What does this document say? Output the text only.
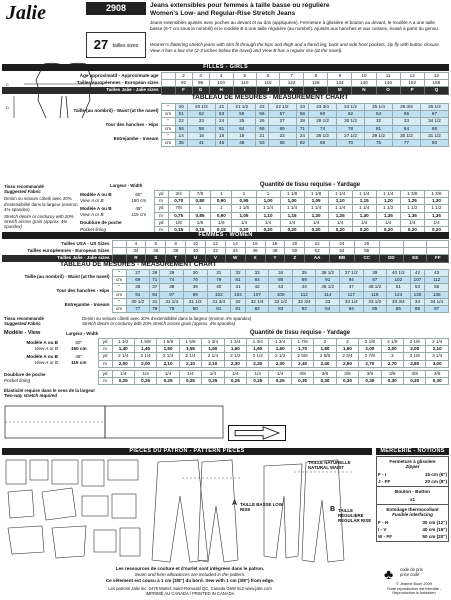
Jalie	2908
27 tailles sizes
Jeans extensibles pour femmes à taille basse ou régulière
Women's Low- and Regular-Rise Stretch Jeans
Jeans extensibles ajustés avec poches au devant et au dos (appliquées). Fermeture à glissière et bouton au devant, le modèle A a une taille basse (5-7 cm sous le nombril) et le modèle B a une taille régulière (au nombril). Ajustés aux hanches et aux cuisses, évasé à partir du genou.
Women's flattering stretch jeans with slim fit through the hips and thigh and a flared leg, back and side front pockets, zip fly with button closure. View A has a low rise (2-3 inches below the navel) and View B has a regular rise (at the navel).
C
D
FILLES - GIRLS
Âge approximatif - Approximate age		2	3	4	5	6	7	8	9	10	11	12	13
Tailles européennes - European sizes		92	98	104	110	116	122	128	134	140	146	152	158
Tailles Jalie - Jalie sizes		F	G	H	I	J	K	L	M	N	O	P	Q
TABLEAU DE MESURES - MEASUREMENT CHART
Taille (au nombril) - Waist (at the navel)	"	20	20 1/2	21	21 1/2	22	22 1/2	23	23 3/4	24 1/2	25 1/4	25 3/4	26 1/2
	cm	51	52	53	55	56	57	58	60	62	64	65	67
Tour des hanches - Hips	"	22	23	24	25	26	27	28	29 1/2	30 1/2	32	33	34 1/2
	cm	56	58	61	64	66	69	71	74	78	81	84	88
Entrejambe - Inseam	"	14	16	18	19	21	23	24	26 1/2	27 1/2	29 1/2	30 1/2	31 1/2
	cm	36	41	46	48	53	58	62	66	70	75	77	80
Tissu recommandé
Suggested Fabric
Denim ou velours côtelé avec 20% d'extensibilité dans la largeur (environ 4% spandex)
Stretch denim or corduroy with 20% stretch across grain (approx. 4% spandex)
Largeur - Width	Quantité de tissu requise - Yardage
Modèle A ou B
View A or B	60"
150 cm	yd	3/4	7/8	1	1	1	1 1/8	1 1/8	1 1/4	1 1/4	1 1/4	1 3/8	1 3/8
		m	0,70	0,80	0,90	0,95	1,00	1,00	1,05	1,10	1,15	1,20	1,25	1,30
Modèle A ou B
View A or B	45"
115 cm	yd	7/8	1	1	1 1/8	1 1/4	1 1/4	1 1/4	1 1/4	1 1/4	1 1/2	1 1/2	1 1/2
		m	0,75	0,85	0,90	1,05	1,10	1,15	1,20	1,25	1,30	1,35	1,35	1,35
Doublure de poche
Pocket lining		yd	1/8	1/8	1/8	1/4	1/4	1/4	1/4	1/4	1/4	1/4	1/4	1/4
		m	0,15	0,15	0,15	0,20	0,20	0,20	0,20	0,20	0,20	0,20	0,20	0,20
FEMMES - WOMEN
Tailles USA - US Sizes		4	6	8	10	12	14	16	18	20	22	24	26			
Tailles européennes - European Sizes		34	36	38	40	42	44	46	48	50	52	54	56			
Tailles Jalie - Jalie sizes		R	S	T	U	V	W	X	Y	Z	AA	BB	CC	DD	EE	FF
TABLEAU DE MESURES - MEASUREMENT CHART
Taille (au nombril) - Waist (at the navel)	"	27	28	29	30	31	32	33	34	35	36 1/2	37 1/2	39	40 1/2	42	43
	cm	69	71	74	76	79	81	84	86	89	91	94	97	102	107	112
Tour des hanches - Hips	"	36	37	38	39	40	41	42	43	44	45 1/2	47	48 1/2	51	53	55
	cm	91	94	97	99	102	104	107	109	112	114	117	119	124	130	135
Entrejambe - Inseam	"	30 1/2	31	31 1/4	31 1/2	31 3/4	32	32 1/4	32 1/2	32 3/4	33	33 1/4	33 1/2	33 3/4	34	34 1/4
	cm	77	79	79	80	81	81	82	83	83	84	84	85	86	86	87
Tissu recommandé
Suggested Fabric
Denim ou velours côtelé avec 20% d'extensibilité dans la largeur (environ 4% spandex)
Stretch denim or corduroy with 20% stretch across grain (approx. 4% spandex)
Modèle - View	Largeur - Width	Quantité de tissu requise - Yardage
Modèle A ou B
View A or B	60"
150 cm	yd	1 1/2	1 5/8	1 5/8	1 5/8	1 3/4	1 3/4	1 3/4	1 3/4	1 7/8	2	2	2 1/8	2 1/8	2 1/8	2 1/4
		m	1,40	1,45	1,50	1,55	1,60	1,60	1,60	1,60	1,70	1,80	1,90	2,00	2,00	2,00	2,10
Modèle A ou B
View A or B	45"
115 cm	yd	2 1/4	2 1/4	2 1/4	2 1/4	2 1/4	2 1/2	2 1/2	2 1/2	2 5/8	2 5/8	2 3/4	2 7/8	3	3 1/8	3 1/4
		m	2,00	2,00	2,10	2,10	2,10	2,30	2,30	2,30	2,40	2,40	2,50	2,70	2,70	2,80	3,00
Doublure de poche
Pocket lining	yd	1/4	1/4	1/4	1/4	1/4	1/4	1/4	1/4	3/8	3/8	3/8	3/8	3/8	3/8	3/8
	m	0,25	0,25	0,25	0,25	0,25	0,25	0,25	0,25	0,30	0,30	0,30	0,30	0,30	0,30	0,30
Élasticité requise dans le sens de la largeur
Two-way stretch required
PIÈCES DU PATRON - PATTERN PIECES
TAILLE NATURELLE NATURAL WAIST
A TAILLE BASSE LOW RISE	B TAILLE RÉGULIÈRE REGULAR RISE
MERCERIE - NOTIONS
Fermeture à glissière
Zipper
F - I	15 cm (6")
J - FF	20 cm (8")
Bouton - Button
x1
Entoilage thermocollant
Fusible interfacing
F - H	30 cm (12")
I - V	40 cm (16")
W - FF	50 cm (20")
Les ressources de couture et d'ourlet sont intégrées dans le patron.
Seam and hem allowances are included in the pattern.
Ce vêtement est cousu à 1 cm (3/8") du bord. Sew with 1 cm (3/8") from edge.
Les patrons Jalie inc. 2478 Martel, Saint-Romuald QC, Canada G6W 6L2 www.jalie.com
IMPRIMÉ AU CANADA / PRINTED IN CANADA
♣ code de prix
price code
© Jeanne Bourl 2009
Toute reproduction est interdite - Reproduction is forbidden
